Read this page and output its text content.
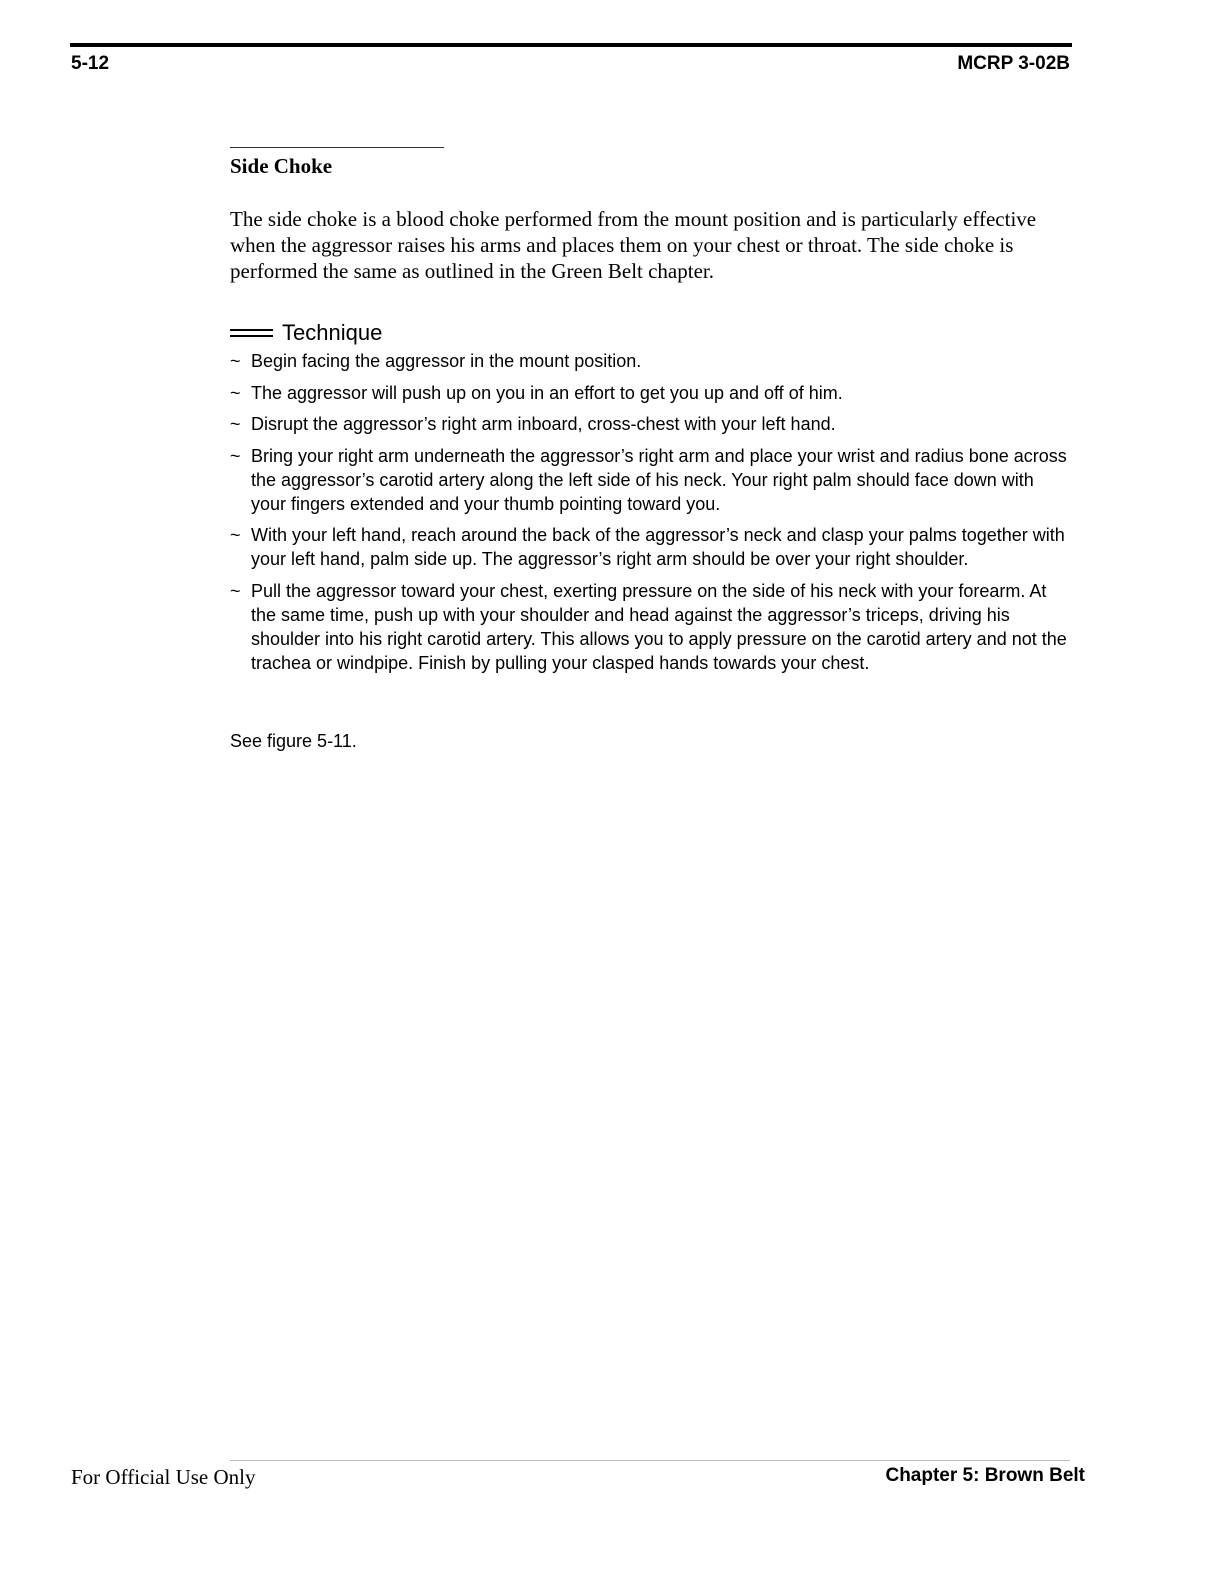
5-12	MCRP 3-02B
Side Choke

The side choke is a blood choke performed from the mount position and is particularly effective when the aggressor raises his arms and places them on your chest or throat. The side choke is performed the same as outlined in the Green Belt chapter.

Technique
~ Begin facing the aggressor in the mount position.
~ The aggressor will push up on you in an effort to get you up and off of him.
~ Disrupt the aggressor’s right arm inboard, cross-chest with your left hand.
~ Bring your right arm underneath the aggressor’s right arm and place your wrist and radius bone across the aggressor’s carotid artery along the left side of his neck. Your right palm should face down with your fingers extended and your thumb pointing toward you.
~ With your left hand, reach around the back of the aggressor’s neck and clasp your palms together with your left hand, palm side up. The aggressor’s right arm should be over your right shoulder.
~ Pull the aggressor toward your chest, exerting pressure on the side of his neck with your forearm. At the same time, push up with your shoulder and head against the aggressor’s triceps, driving his shoulder into his right carotid artery. This allows you to apply pressure on the carotid artery and not the trachea or windpipe. Finish by pulling your clasped hands towards your chest.
See figure 5-11.
For Official Use Only	Chapter 5: Brown Belt
